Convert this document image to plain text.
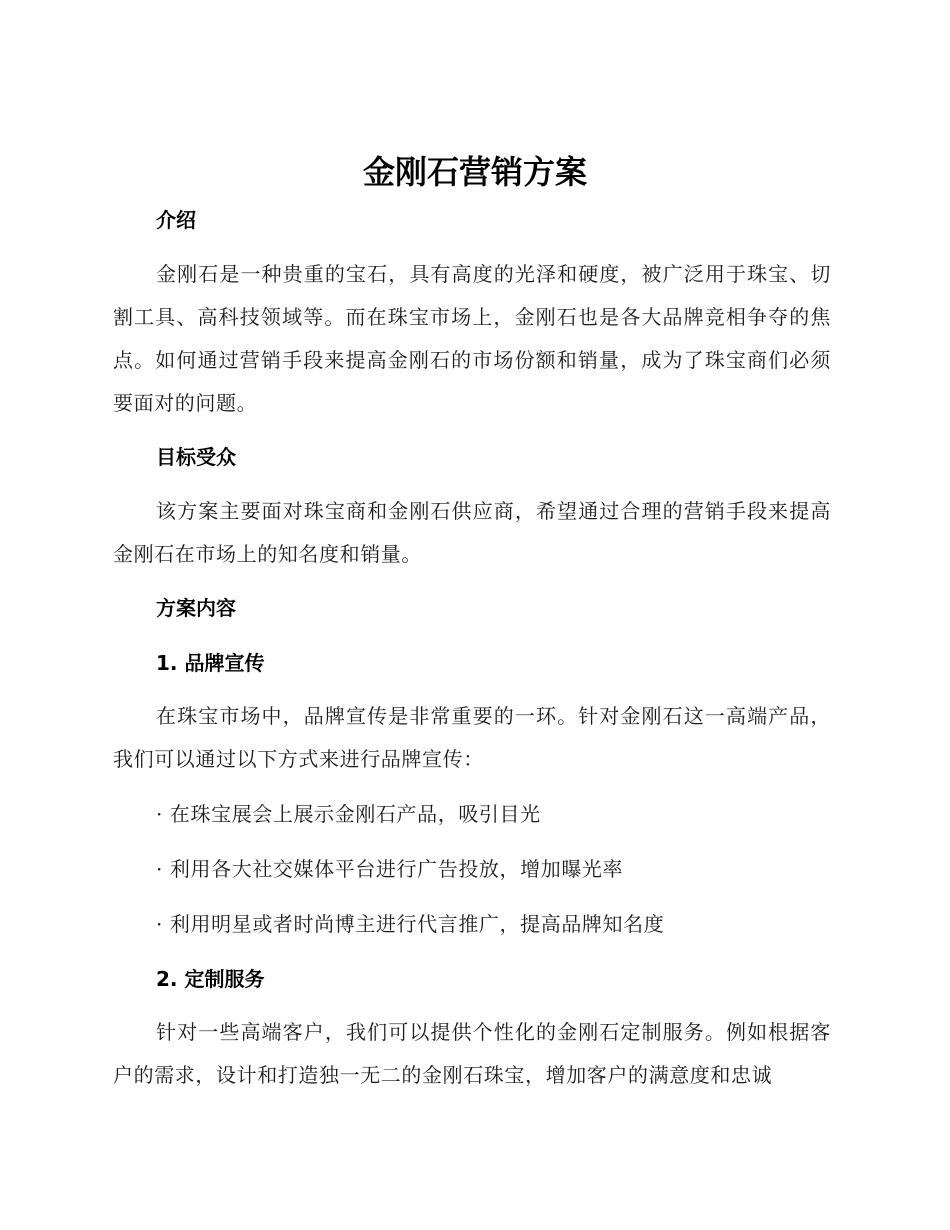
金刚石营销方案
介绍

金刚石是一种贵重的宝石，具有高度的光泽和硬度，被广泛用于珠宝、切割工具、高科技领域等。而在珠宝市场上，金刚石也是各大品牌竞相争夺的焦点。如何通过营销手段来提高金刚石的市场份额和销量，成为了珠宝商们必须要面对的问题。

目标受众

该方案主要面对珠宝商和金刚石供应商，希望通过合理的营销手段来提高金刚石在市场上的知名度和销量。

方案内容
1. 品牌宣传

在珠宝市场中，品牌宣传是非常重要的一环。针对金刚石这一高端产品，我们可以通过以下方式来进行品牌宣传：

· 在珠宝展会上展示金刚石产品，吸引目光
· 利用各大社交媒体平台进行广告投放，增加曝光率
· 利用明星或者时尚博主进行代言推广，提高品牌知名度
2. 定制服务

针对一些高端客户，我们可以提供个性化的金刚石定制服务。例如根据客户的需求，设计和打造独一无二的金刚石珠宝，增加客户的满意度和忠诚
